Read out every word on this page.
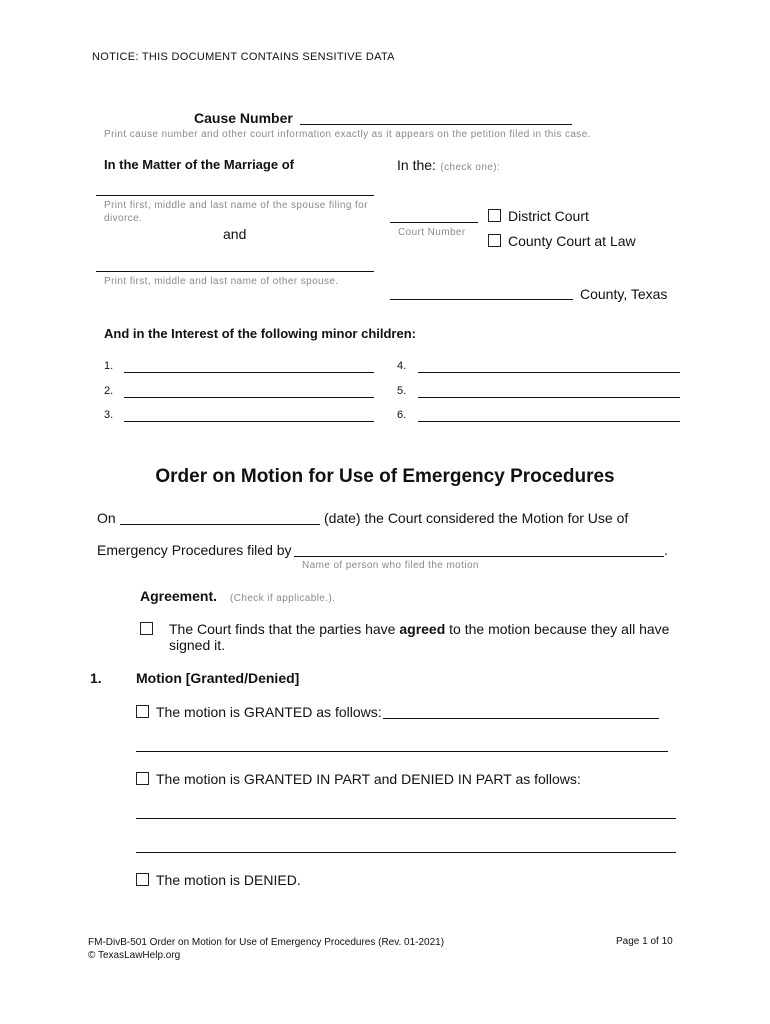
NOTICE: THIS DOCUMENT CONTAINS SENSITIVE DATA
Cause Number
Print cause number and other court information exactly as it appears on the petition filed in this case.
In the Matter of the Marriage of
Print first, middle and last name of the spouse filing for divorce.
and
Print first, middle and last name of other spouse.
In the: (check one):
Court Number
District Court
County Court at Law
County, Texas
And in the Interest of the following minor children:
1.
2.
3.
4.
5.
6.
Order on Motion for Use of Emergency Procedures
On	(date) the Court considered the Motion for Use of
Emergency Procedures filed by	.
Name of person who filed the motion
Agreement. (Check if applicable.).
The Court finds that the parties have agreed to the motion because they all have
signed it.
1. Motion [Granted/Denied]
The motion is GRANTED as follows:
The motion is GRANTED IN PART and DENIED IN PART as follows:
The motion is DENIED.
FM-DivB-501 Order on Motion for Use of Emergency Procedures (Rev. 01-2021)
© TexasLawHelp.org
Page 1 of 10
